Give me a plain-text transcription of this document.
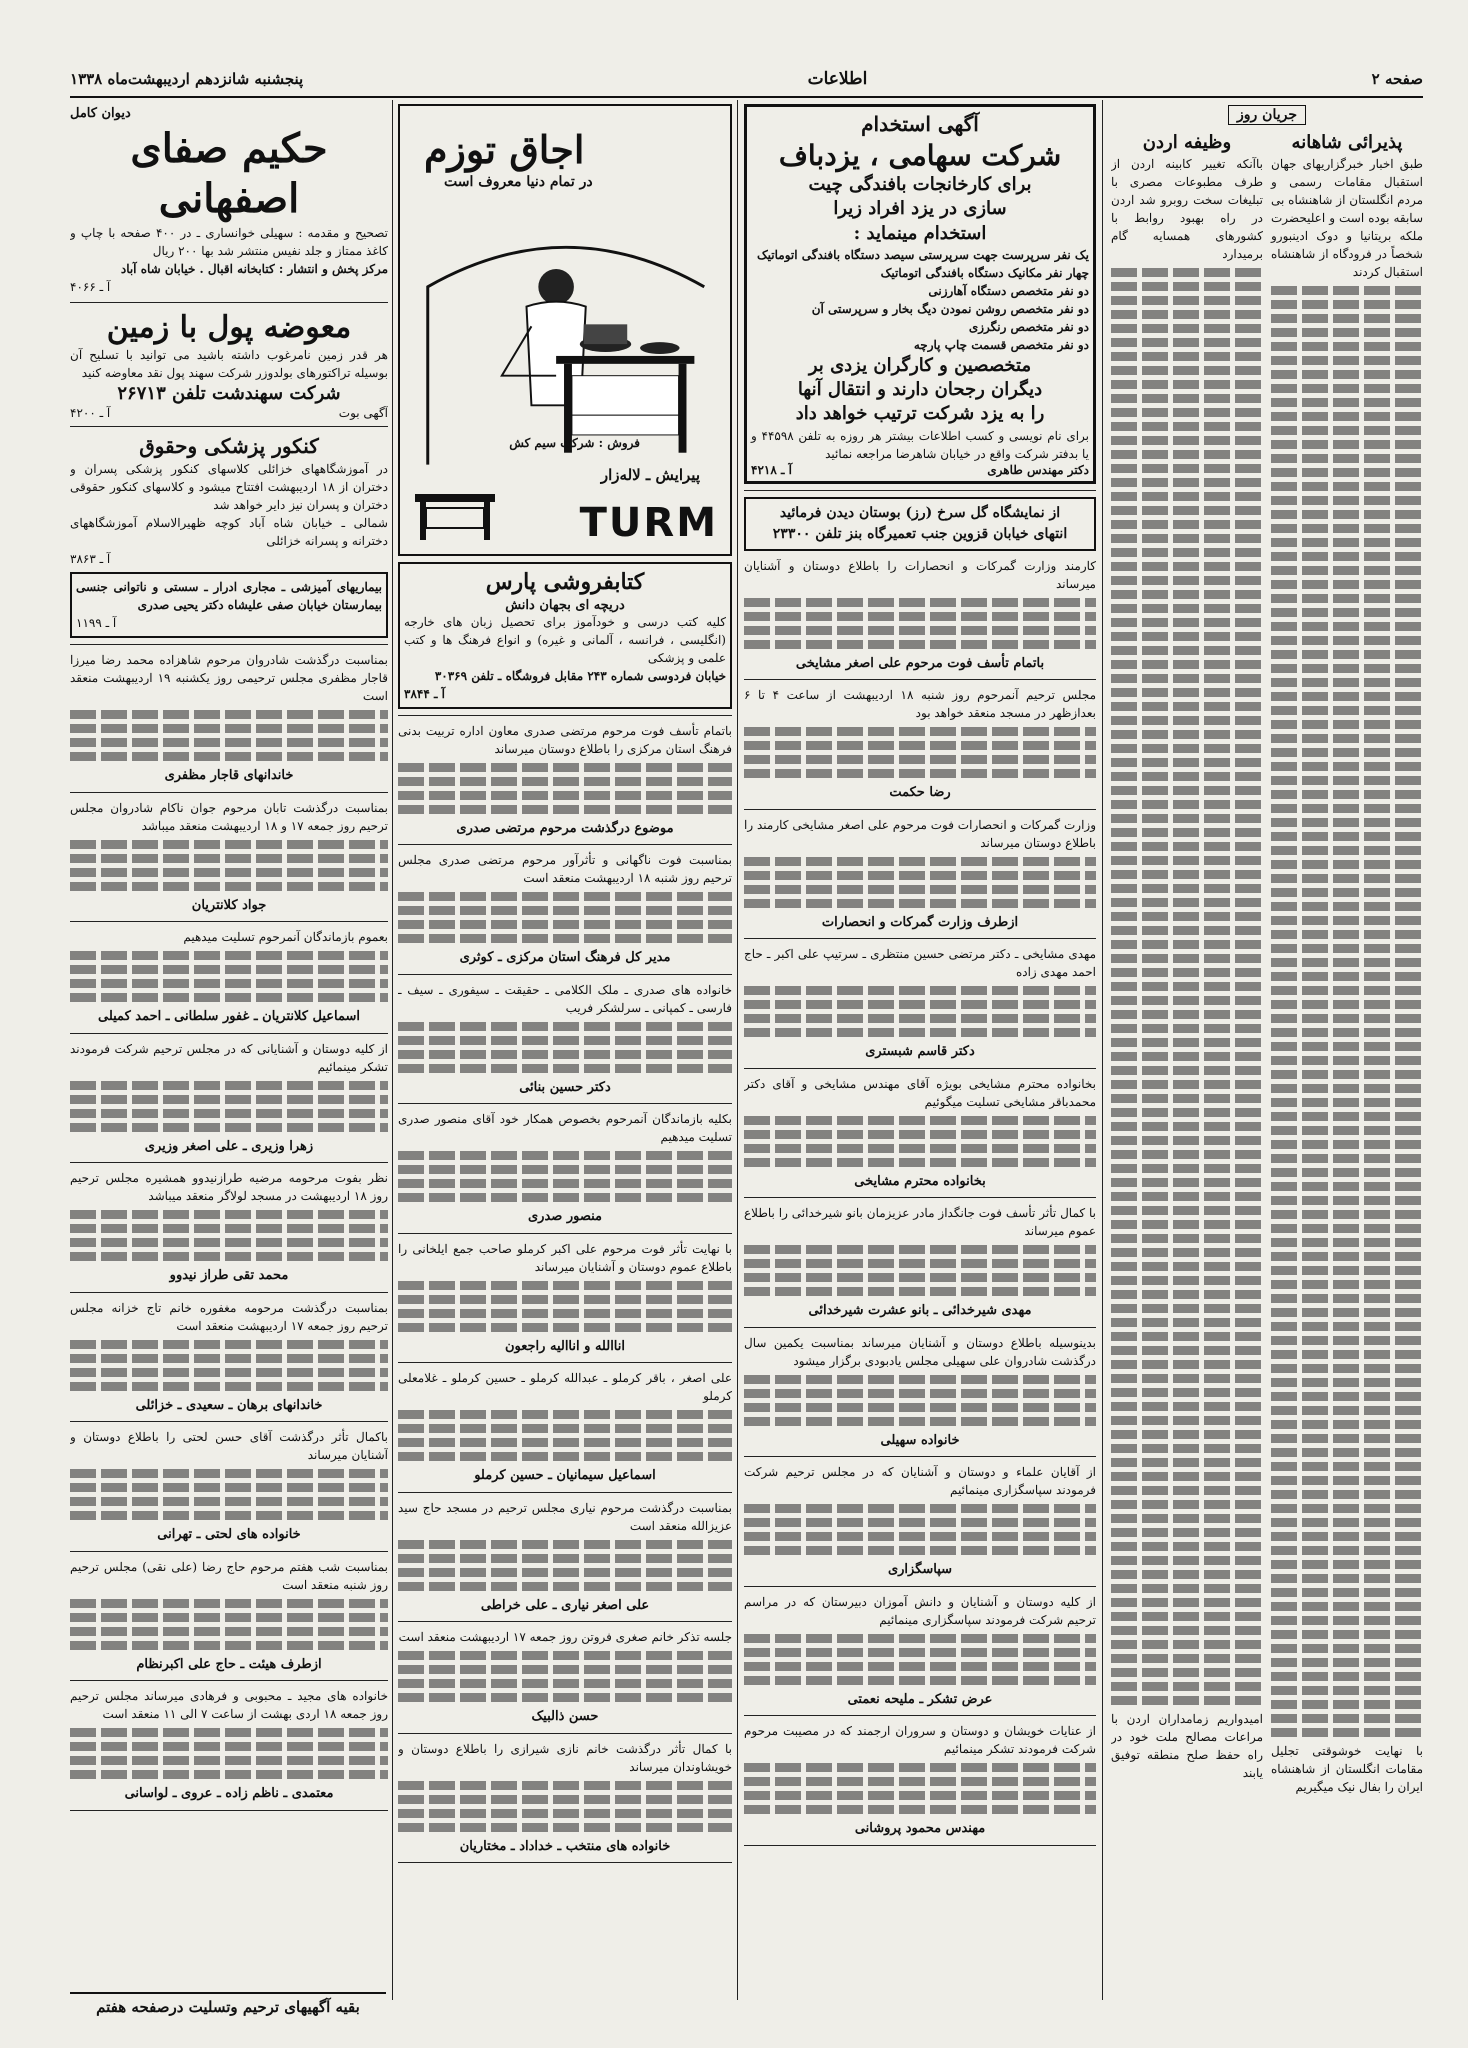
صفحه ۲
اطلاعات
پنجشنبه شانزدهم اردیبهشت‌ماه ۱۳۳۸
جریان روز
پذیرائی شاهانه

طبق اخبار خبرگزاریهای جهان استقبال مقامات رسمی و مردم انگلستان از شاهنشاه بی سابقه بوده است و اعلیحضرت ملکه بریتانیا و دوک ادینبورو شخصاً در فرودگاه از شاهنشاه استقبال کردند

با نهایت خوشوقتی تجلیل مقامات انگلستان از شاهنشاه ایران را بفال نیک میگیریم

وظیفه اردن

باآنکه تغییر کابینه اردن از طرف مطبوعات مصری با تبلیغات سخت روبرو شد اردن در راه بهبود روابط با کشورهای همسایه گام برمیدارد

امیدواریم زمامداران اردن با مراعات مصالح ملت خود در راه حفظ صلح منطقه توفیق یابند

آگهی استخدام
شرکت سهامی ، یزدباف
برای کارخانجات بافندگی چیت
سازی در یزد افراد زیرا
استخدام مینماید :

یک نفر سرپرست جهت سرپرستی سیصد دستگاه بافندگی اتوماتیک

چهار نفر مکانیک دستگاه بافندگی اتوماتیک

دو نفر متخصص دستگاه آهارزنی

دو نفر متخصص روشن نمودن دیگ بخار و سرپرستی آن

دو نفر متخصص رنگرزی

دو نفر متخصص قسمت چاپ پارچه

متخصصین و کارگران یزدی بر
دیگران رجحان دارند و انتقال آنها
را به یزد شرکت ترتیب خواهد داد

برای نام نویسی و کسب اطلاعات بیشتر هر روزه به تلفن ۴۴۵۹۸ و یا بدفتر شرکت واقع در خیابان شاهرضا مراجعه نمائید

دکتر مهندس طاهری
آ ـ ۴۲۱۸
از نمایشگاه گل سرخ (رز) بوستان دیدن فرمائید
انتهای خیابان قزوین جنب تعمیرگاه بنز تلفن ۲۳۳۰۰

کارمند وزارت گمرکات و انحصارات را باطلاع دوستان و آشنایان میرساند

باتمام تأسف فوت مرحوم علی اصغر مشایخی

مجلس ترحیم آنمرحوم روز شنبه ۱۸ اردیبهشت از ساعت ۴ تا ۶ بعدازظهر در مسجد منعقد خواهد بود

رضا حکمت

وزارت گمرکات و انحصارات فوت مرحوم علی اصغر مشایخی کارمند را باطلاع دوستان میرساند

ازطرف وزارت گمرکات و انحصارات

مهدی مشایخی ـ دکتر مرتضی حسین منتظری ـ سرتیپ علی اکبر ـ حاج احمد مهدی زاده

دکتر قاسم شبستری

بخانواده محترم مشایخی بویژه آقای مهندس مشایخی و آقای دکتر محمدباقر مشایخی تسلیت میگوئیم

بخانواده محترم مشایخی

با کمال تأثر تأسف فوت جانگداز مادر عزیزمان بانو شیرخدائی را باطلاع عموم میرساند

مهدی شیرخدائی ـ بانو عشرت شیرخدائی

بدینوسیله باطلاع دوستان و آشنایان میرساند بمناسبت یکمین سال درگذشت شادروان علی سهیلی مجلس یادبودی برگزار میشود

خانواده سهیلی

از آقایان علماء و دوستان و آشنایان که در مجلس ترحیم شرکت فرمودند سپاسگزاری مینمائیم

سپاسگزاری

از کلیه دوستان و آشنایان و دانش آموزان دبیرستان که در مراسم ترحیم شرکت فرمودند سپاسگزاری مینمائیم

عرض تشکر ـ مليحه نعمتی

از عنایات خویشان و دوستان و سروران ارجمند که در مصیبت مرحوم شرکت فرمودند تشکر مینمائیم

مهندس محمود پروشانی
اجاق توزم
در تمام دنیا معروف است
فروش : شرکت سیم کش
پیرایش ـ لاله‌زار
TURM
کتابفروشی پارس
دریچه ای بجهان دانش

کلیه کتب درسی و خودآموز برای تحصیل زبان های خارجه (انگلیسی ، فرانسه ، آلمانی و غیره) و انواع فرهنگ ها و کتب علمی و پزشکی

خیابان فردوسی شماره ۲۴۳ مقابل فروشگاه ـ تلفن ۳۰۳۶۹

آ ـ ۳۸۴۴

باتمام تأسف فوت مرحوم مرتضی صدری معاون اداره تربیت بدنی فرهنگ استان مرکزی را باطلاع دوستان میرساند

موضوع درگذشت مرحوم مرتضی صدری

بمناسبت فوت ناگهانی و تأثرآور مرحوم مرتضی صدری مجلس ترحیم روز شنبه ۱۸ اردیبهشت منعقد است

مدیر کل فرهنگ استان مرکزی ـ کوثری

خانواده های صدری ـ ملک الکلامی ـ حقیقت ـ سیفوری ـ سیف ـ فارسی ـ کمپانی ـ سرلشکر فریب

دکتر حسین بنائی

بکلیه بازماندگان آنمرحوم بخصوص همکار خود آقای منصور صدری تسلیت میدهیم

منصور صدری

با نهایت تأثر فوت مرحوم علی اکبر کرملو صاحب جمع ایلخانی را باطلاع عموم دوستان و آشنایان میرساند

اناالله و اناالیه راجعون

علی اصغر ، باقر کرملو ـ عبدالله کرملو ـ حسین کرملو ـ غلامعلی کرملو

اسماعیل سیمانیان ـ حسین کرملو

بمناسبت درگذشت مرحوم نیاری مجلس ترحیم در مسجد حاج سید عزیزالله منعقد است

علی اصغر نیاری ـ علی خراطی

جلسه تذکر خانم صغری فروتن روز جمعه ۱۷ اردیبهشت منعقد است

حسن ذالبیک

با کمال تأثر درگذشت خانم نازی شیرازی را باطلاع دوستان و خویشاوندان میرساند

خانواده های منتخب ـ خداداد ـ مختاریان
دیوان کامل
حکیم صفای اصفهانی

تصحیح و مقدمه : سهیلی خوانساری ـ در ۴۰۰ صفحه با چاپ و کاغذ ممتاز و جلد نفیس منتشر شد بها ۲۰۰ ریال

مرکز پخش و انتشار : کتابخانه اقبال . خیابان شاه آباد

آ ـ ۴۰۶۶
معوضه پول با زمین

هر قدر زمین نامرغوب داشته باشید می توانید با تسلیح آن بوسیله تراکتورهای بولدوزر شرکت سهند پول نقد معاوضه کنید

شرکت سهندشت تلفن ۲۶۷۱۳
آگهی بوت
آ ـ ۴۲۰۰
کنکور پزشکی وحقوق

در آموزشگاههای خزائلی کلاسهای کنکور پزشکی پسران و دختران از ۱۸ اردیبهشت افتتاح میشود و کلاسهای کنکور حقوقی دختران و پسران نیز دایر خواهد شد

شمالی ـ خیابان شاه آباد کوچه ظهیرالاسلام آموزشگاههای دخترانه و پسرانه خزائلی

آ ـ ۳۸۶۳

بیماریهای آمیزشی ـ مجاری ادرار ـ سستی و ناتوانی جنسی بیمارستان خیابان صفی علیشاه دکتر یحیی صدری

آ ـ ۱۱۹۹

بمناسبت درگذشت شادروان مرحوم شاهزاده محمد رضا میرزا قاجار مظفری مجلس ترحیمی روز یکشنبه ۱۹ اردیبهشت منعقد است

خاندانهای قاجار مظفری

بمناسبت درگذشت تابان مرحوم جوان ناکام شادروان مجلس ترحیم روز جمعه ۱۷ و ۱۸ اردیبهشت منعقد میباشد

جواد کلانتریان

بعموم بازماندگان آنمرحوم تسلیت میدهیم

اسماعیل کلانتریان ـ غفور سلطانی ـ احمد کمیلی

از کلیه دوستان و آشنایانی که در مجلس ترحیم شرکت فرمودند تشکر مینمائیم

زهرا وزیری ـ علی اصغر وزیری

نظر بفوت مرحومه مرضیه طرازنیدوو همشیره مجلس ترحیم روز ۱۸ اردیبهشت در مسجد لولاگر منعقد میباشد

محمد تقی طراز نیدوو

بمناسبت درگذشت مرحومه مغفوره خانم تاج خزانه مجلس ترحیم روز جمعه ۱۷ اردیبهشت منعقد است

خاندانهای برهان ـ سعیدی ـ خزائلی

باکمال تأثر درگذشت آقای حسن لحتی را باطلاع دوستان و آشنایان میرساند

خانواده های لحتی ـ تهرانی

بمناسبت شب هفتم مرحوم حاج رضا (علی نقی) مجلس ترحیم روز شنبه منعقد است

ازطرف هیئت ـ حاج علی اکبرنظام

خانواده های مجید ـ محبوبی و فرهادی میرساند مجلس ترحیم روز جمعه ۱۸ اردی بهشت از ساعت ۷ الی ۱۱ منعقد است

معتمدی ـ ناظم زاده ـ عروی ـ لواسانی
بقیه آگهیهای ترحیم وتسلیت درصفحه هفتم
